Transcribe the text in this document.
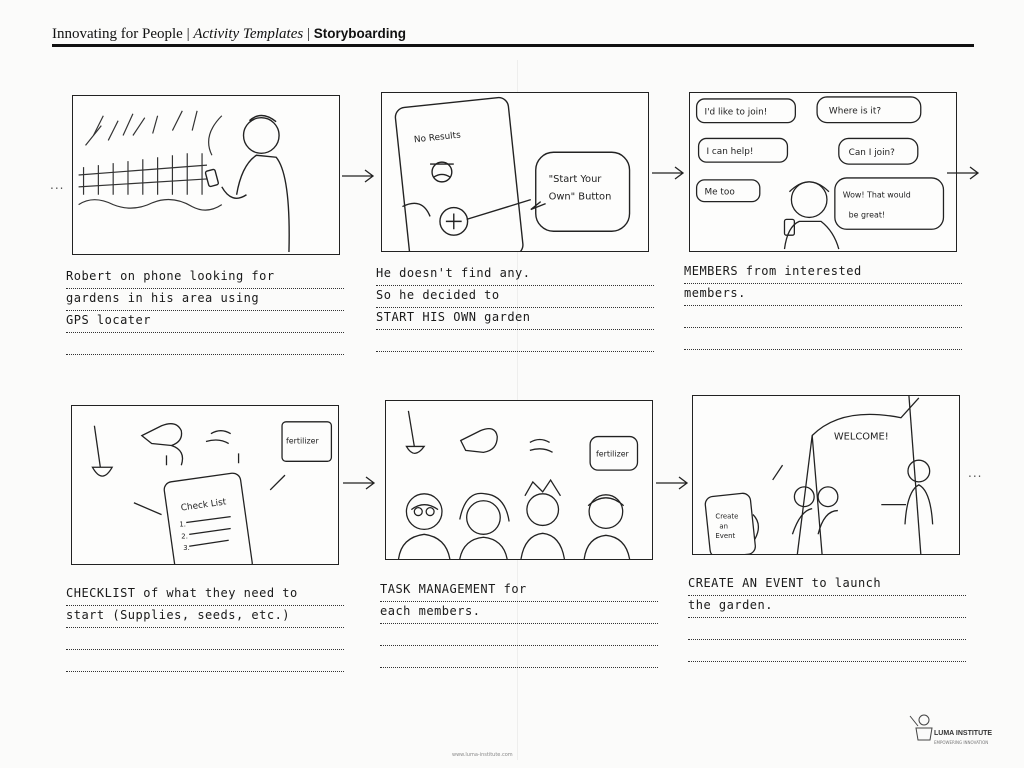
Innovating for People | Activity Templates | Storyboarding
...
No Results
"Start Your
Own" Button
I'd like to join!	Where is it?
I can help!	Can I join?
Me too	Wow! That would
be great!
Robert on phone looking for
gardens in his area using
GPS locater
He doesn't find any.
So he decided to
START HIS OWN garden
MEMBERS from interested
members.
fertilizer
Check List
1.
2.
3.
fertilizer
WELCOME!
Create
an
Event
...
CHECKLIST of what they need to
start (Supplies, seeds, etc.)
TASK MANAGEMENT for
each members.
CREATE AN EVENT to launch
the garden.
www.luma-institute.com
LUMA INSTITUTE
EMPOWERING INNOVATION
